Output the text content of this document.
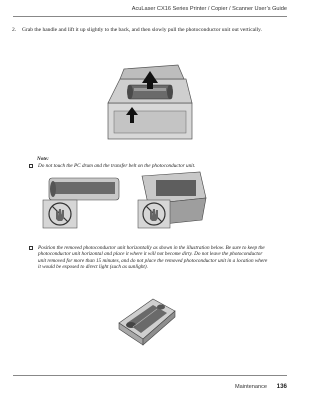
AcuLaser CX16 Series Printer / Copier / Scanner User’s Guide
2. Grab the handle and lift it up slightly to the back, and then slowly pull the photoconductor unit out vertically.
Note:
Do not touch the PC drum and the transfer belt on the photoconductor unit.
Position the removed photoconductor unit horizontally as shown in the illustration below. Be sure to keep the photoconductor unit horizontal and place it where it will not become dirty. Do not leave the photoconductor unit removed for more than 15 minutes, and do not place the removed photoconductor unit in a location where it would be exposed to direct light (such as sunlight).
Maintenance 136
